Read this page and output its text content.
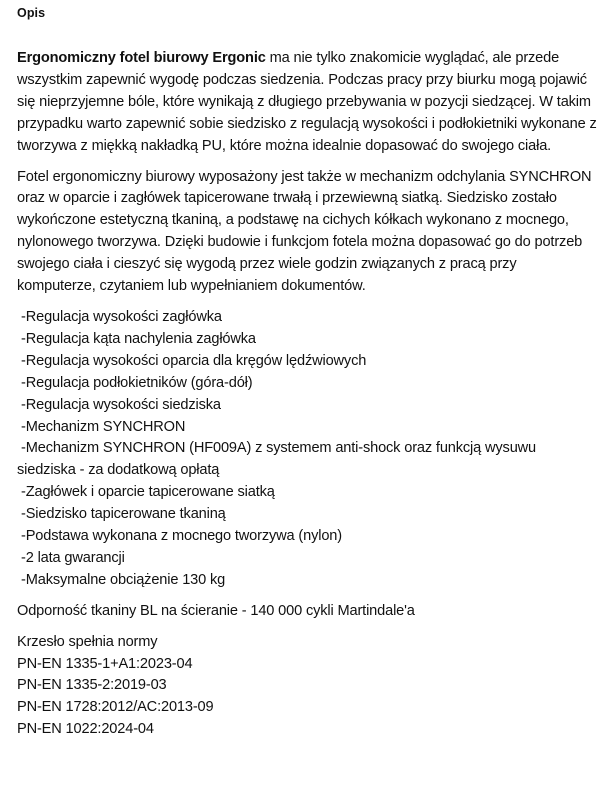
Opis

Ergonomiczny fotel biurowy Ergonic ma nie tylko znakomicie wyglądać, ale przede wszystkim zapewnić wygodę podczas siedzenia. Podczas pracy przy biurku mogą pojawić się nieprzyjemne bóle, które wynikają z długiego przebywania w pozycji siedzącej. W takim przypadku warto zapewnić sobie siedzisko z regulacją wysokości i podłokietniki wykonane z tworzywa z miękką nakładką PU, które można idealnie dopasować do swojego ciała.

Fotel ergonomiczny biurowy wyposażony jest także w mechanizm odchylania SYNCHRON oraz w oparcie i zagłówek tapicerowane trwałą i przewiewną siatką. Siedzisko zostało wykończone estetyczną tkaniną, a podstawę na cichych kółkach wykonano z mocnego, nylonowego tworzywa. Dzięki budowie i funkcjom fotela można dopasować go do potrzeb swojego ciała i cieszyć się wygodą przez wiele godzin związanych z pracą przy komputerze, czytaniem lub wypełnianiem dokumentów.

-Regulacja wysokości zagłówka
-Regulacja kąta nachylenia zagłówka
-Regulacja wysokości oparcia dla kręgów lędźwiowych
-Regulacja podłokietników (góra-dół)
-Regulacja wysokości siedziska
-Mechanizm SYNCHRON
-Mechanizm SYNCHRON (HF009A) z systemem anti-shock oraz funkcją wysuwu siedziska - za dodatkową opłatą
-Zagłówek i oparcie tapicerowane siatką
-Siedzisko tapicerowane tkaniną
-Podstawa wykonana z mocnego tworzywa (nylon)
-2 lata gwarancji
-Maksymalne obciążenie 130 kg

Odporność tkaniny BL na ścieranie - 140 000 cykli Martindale'a

Krzesło spełnia normy
PN-EN 1335-1+A1:2023-04
PN-EN 1335-2:2019-03
PN-EN 1728:2012/AC:2013-09
PN-EN 1022:2024-04
